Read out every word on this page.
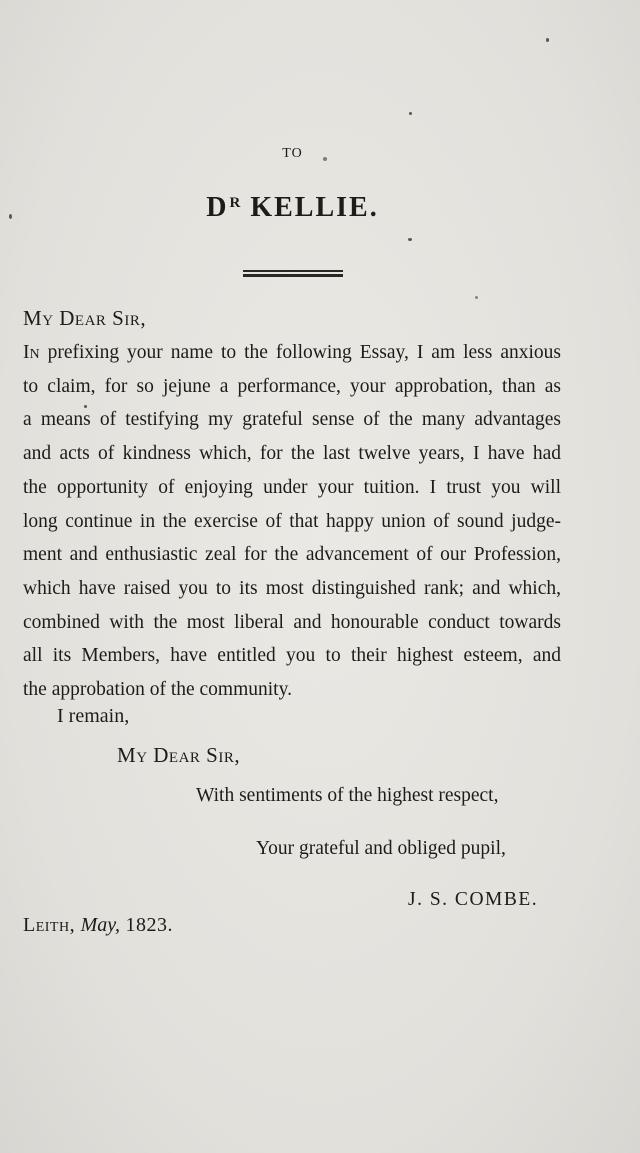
TO
$D^R$ KELLIE.
My Dear Sir,
In prefixing your name to the following Essay, I am less anxious
to claim, for so jejune a performance, your approbation, than as
a means of testifying my grateful sense of the many advantages
and acts of kindness which, for the last twelve years, I have had
the opportunity of enjoying under your tuition. I trust you will
long continue in the exercise of that happy union of sound judge-
ment and enthusiastic zeal for the advancement of our Profession,
which have raised you to its most distinguished rank; and which,
combined with the most liberal and honourable conduct towards
all its Members, have entitled you to their highest esteem, and
the approbation of the community.
I remain,
My Dear Sir,
With sentiments of the highest respect,
Your grateful and obliged pupil,
J. S. COMBE.
Leith, May, 1823.
